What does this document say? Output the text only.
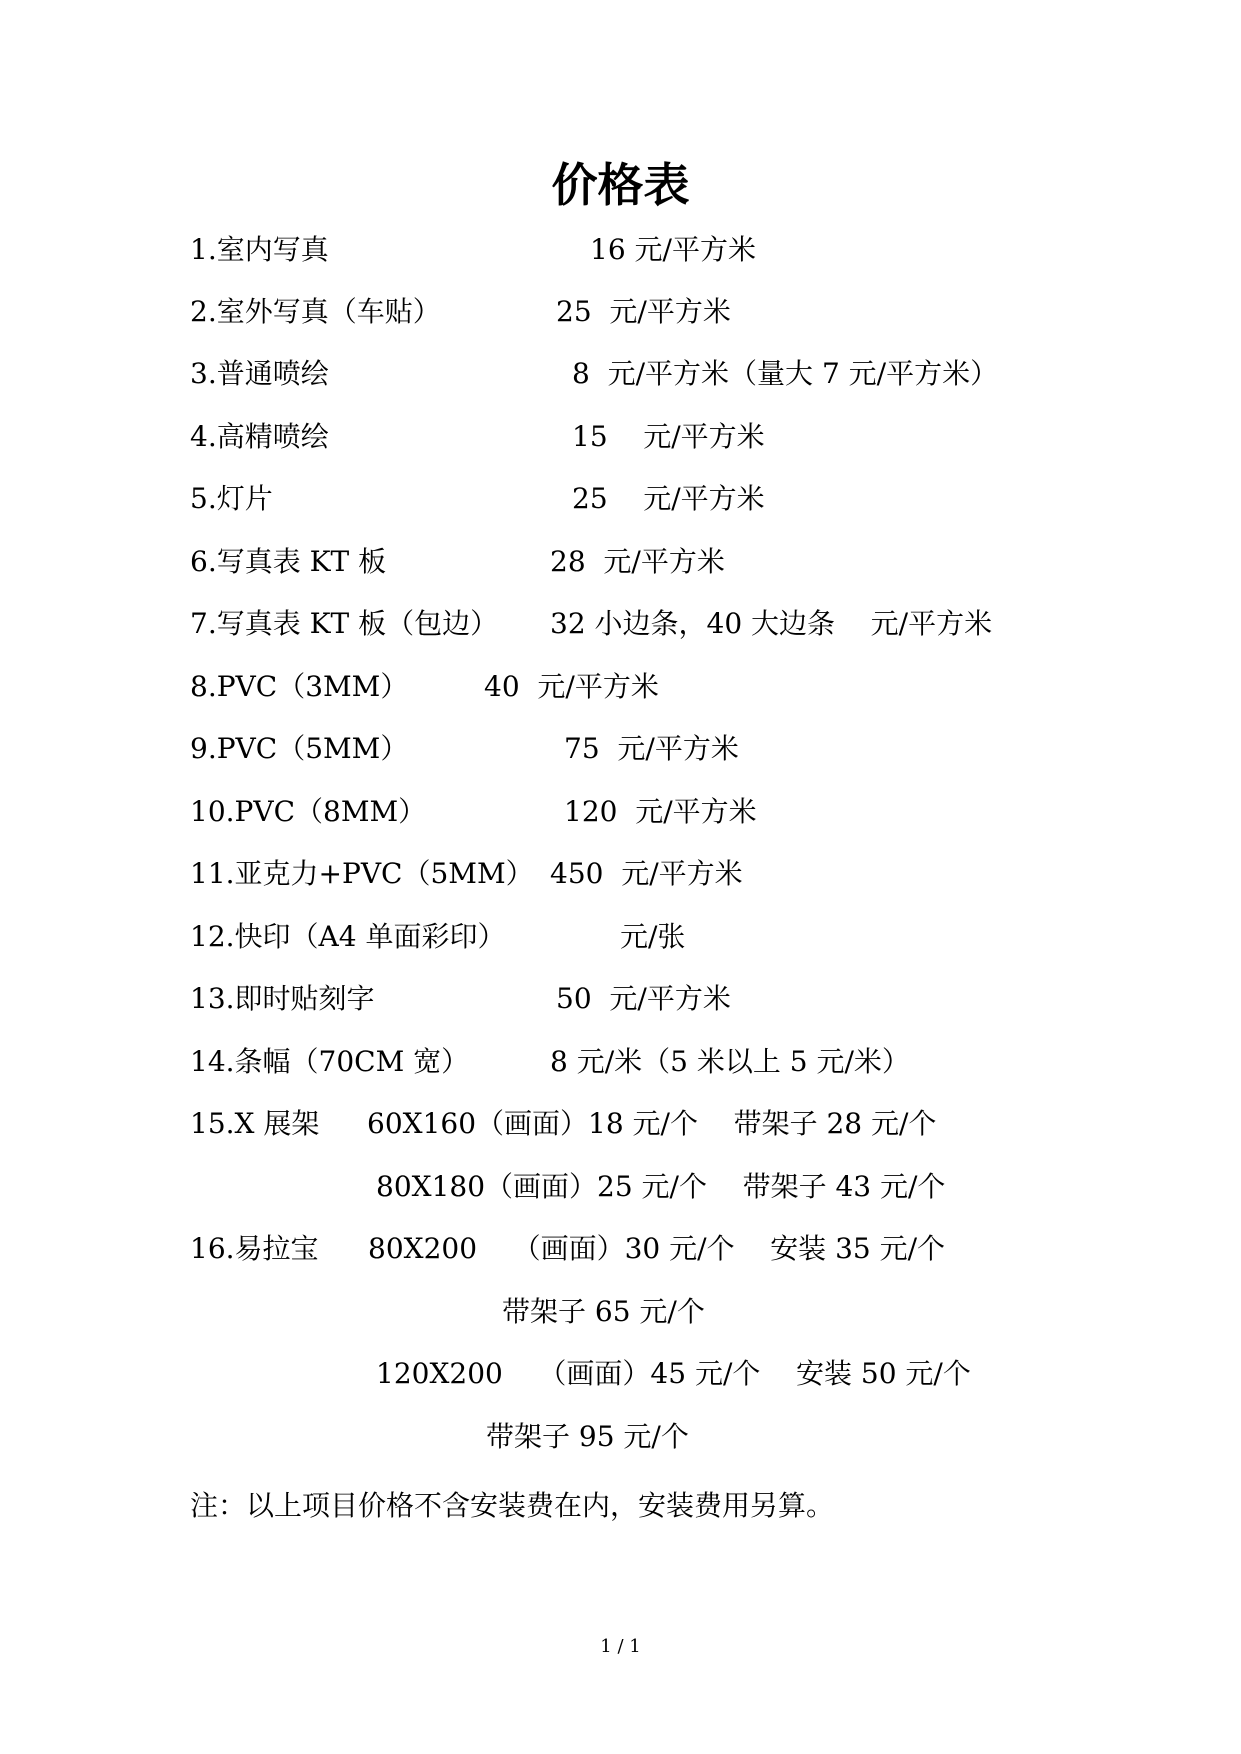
价格表
1.室内写真	16 元/平方米
2.室外写真（车贴）	25  元/平方米
3.普通喷绘	8  元/平方米（量大 7 元/平方米）
4.高精喷绘	15    元/平方米
5.灯片	25    元/平方米
6.写真表 KT 板	28  元/平方米
7.写真表 KT 板（包边） 32 小边条，40 大边条    元/平方米
8.PVC（3MM）	40  元/平方米
9.PVC（5MM）	75  元/平方米
10.PVC（8MM）	120  元/平方米
11.亚克力+PVC（5MM） 450  元/平方米
12.快印（A4 单面彩印）	元/张
13.即时贴刻字	50  元/平方米
14.条幅（70CM 宽）	8 元/米（5 米以上 5 元/米）
15.X 展架 60X160（画面）18 元/个    带架子 28 元/个
80X180（画面）25 元/个    带架子 43 元/个
16.易拉宝 80X200    （画面）30 元/个    安装 35 元/个
带架子 65 元/个
120X200    （画面）45 元/个    安装 50 元/个
带架子 95 元/个

注：以上项目价格不含安装费在内，安装费用另算。

1 / 1
